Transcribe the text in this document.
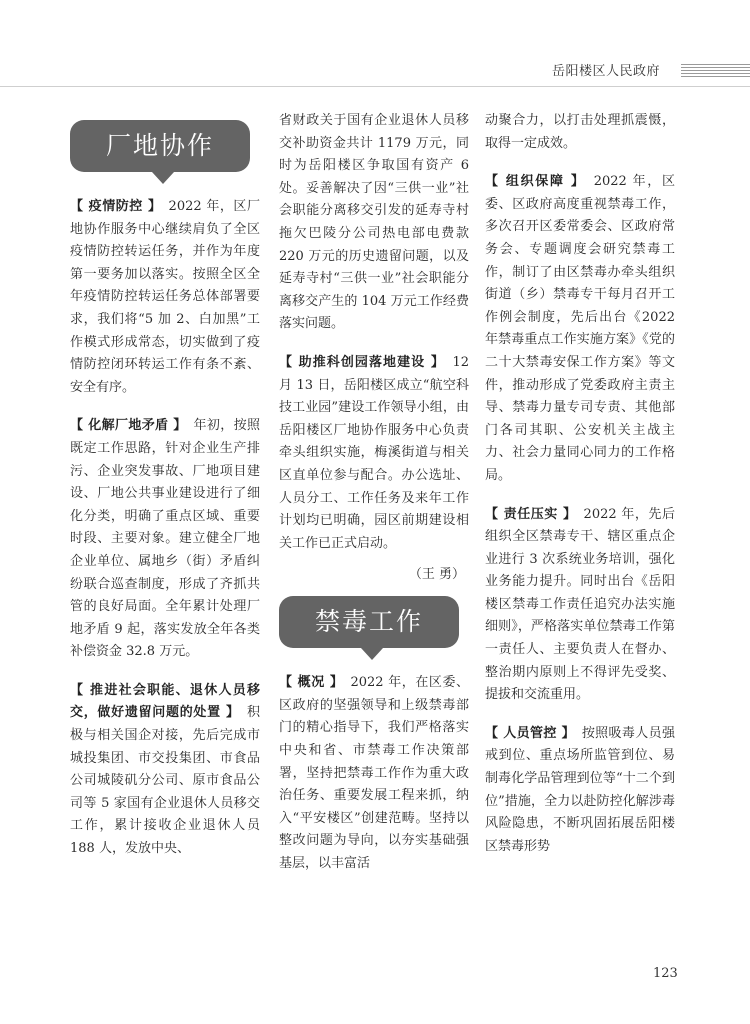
岳阳楼区人民政府
厂地协作

【 疫情防控 】　2022 年，区厂地协作服务中心继续肩负了全区疫情防控转运任务，并作为年度第一要务加以落实。按照全区全年疫情防控转运任务总体部署要求，我们将“5 加 2、白加黑”工作模式形成常态，切实做到了疫情防控闭环转运工作有条不紊、安全有序。

【 化解厂地矛盾 】　年初，按照既定工作思路，针对企业生产排污、企业突发事故、厂地项目建设、厂地公共事业建设进行了细化分类，明确了重点区域、重要时段、主要对象。建立健全厂地企业单位、属地乡（街）矛盾纠纷联合巡查制度，形成了齐抓共管的良好局面。全年累计处理厂地矛盾 9 起，落实发放全年各类补偿资金 32.8 万元。

【 推进社会职能、退休人员移交，做好遗留问题的处置 】　积极与相关国企对接，先后完成市城投集团、市交投集团、市食品公司城陵矶分公司、原市食品公司等 5 家国有企业退休人员移交工作，累计接收企业退休人员 188 人，发放中央、

省财政关于国有企业退休人员移交补助资金共计 1179 万元，同时为岳阳楼区争取国有资产 6 处。妥善解决了因“三供一业”社会职能分离移交引发的延寿寺村拖欠巴陵分公司热电部电费款 220 万元的历史遗留问题，以及延寿寺村“三供一业”社会职能分离移交产生的 104 万元工作经费落实问题。

【 助推科创园落地建设 】　12 月 13 日，岳阳楼区成立“航空科技工业园”建设工作领导小组，由岳阳楼区厂地协作服务中心负责牵头组织实施，梅溪街道与相关区直单位参与配合。办公选址、人员分工、工作任务及来年工作计划均已明确，园区前期建设相关工作已正式启动。

（王 勇）
禁毒工作

【 概况 】　2022 年，在区委、区政府的坚强领导和上级禁毒部门的精心指导下，我们严格落实中央和省、市禁毒工作决策部署，坚持把禁毒工作作为重大政治任务、重要发展工程来抓，纳入“平安楼区”创建范畴。坚持以整改问题为导向，以夯实基础强基层，以丰富活

动聚合力，以打击处理抓震慑，取得一定成效。

【 组织保障 】　2022 年，区委、区政府高度重视禁毒工作，多次召开区委常委会、区政府常务会、专题调度会研究禁毒工作，制订了由区禁毒办牵头组织街道（乡）禁毒专干每月召开工作例会制度，先后出台《2022 年禁毒重点工作实施方案》《党的二十大禁毒安保工作方案》等文件，推动形成了党委政府主责主导、禁毒力量专司专责、其他部门各司其职、公安机关主战主力、社会力量同心同力的工作格局。

【 责任压实 】　2022 年，先后组织全区禁毒专干、辖区重点企业进行 3 次系统业务培训，强化业务能力提升。同时出台《岳阳楼区禁毒工作责任追究办法实施细则》，严格落实单位禁毒工作第一责任人、主要负责人在督办、整治期内原则上不得评先受奖、提拔和交流重用。

【 人员管控 】　按照吸毒人员强戒到位、重点场所监管到位、易制毒化学品管理到位等“十二个到位”措施，全力以赴防控化解涉毒风险隐患，不断巩固拓展岳阳楼区禁毒形势

123
